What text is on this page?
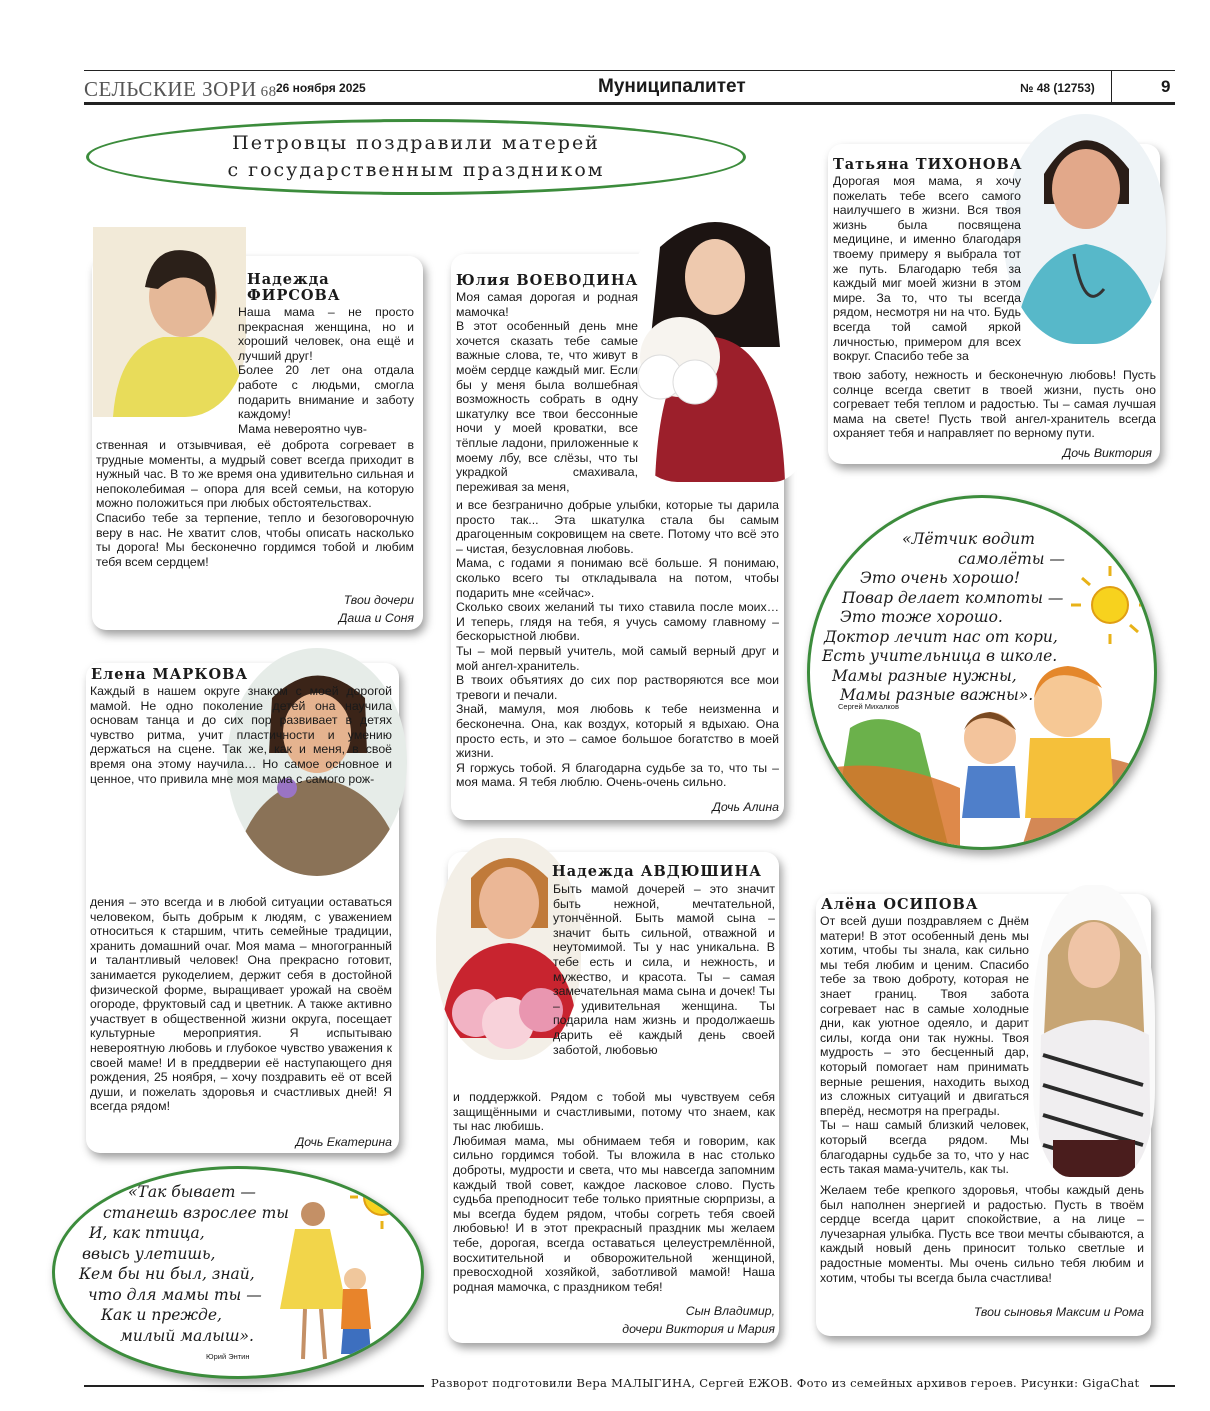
СЕЛЬСКИЕ ЗОРИ 68 26 ноября 2025	Муниципалитет	№ 48 (12753)	9
Петровцы поздравили матерей
с государственным праздником
Надежда
ФИРСОВА
Наша мама – не просто прекрасная женщина, но и хороший человек, она ещё и лучший друг!
Более 20 лет она отдала работе с людьми, смогла подарить внимание и заботу каждому!
Мама невероятно чув-
ственная и отзывчивая, её доброта согревает в трудные моменты, а мудрый совет всегда приходит в нужный час. В то же время она удивительно сильная и непоколебимая – опора для всей семьи, на которую можно положиться при любых обстоятельствах.
Спасибо тебе за терпение, тепло и безоговорочную веру в нас. Не хватит слов, чтобы описать насколько ты дорога! Мы бесконечно гордимся тобой и любим тебя всем сердцем!
Твои дочери
Даша и Соня
Юлия ВОЕВОДИНА
Моя самая дорогая и родная мамочка!
В этот особенный день мне хочется сказать тебе самые важные слова, те, что живут в моём сердце каждый миг. Если бы у меня была волшебная возможность собрать в одну шкатулку все твои бессонные ночи у моей кроватки, все тёплые ладони, приложенные к моему лбу, все слёзы, что ты украдкой смахивала, переживая за меня,
и все безгранично добрые улыбки, которые ты дарила просто так... Эта шкатулка стала бы самым драгоценным сокровищем на свете. Потому что всё это – чистая, безусловная любовь.
Мама, с годами я понимаю всё больше. Я понимаю, сколько всего ты откладывала на потом, чтобы подарить мне «сейчас».
Сколько своих желаний ты тихо ставила после моих… И теперь, глядя на тебя, я учусь самому главному – бескорыстной любви.
Ты – мой первый учитель, мой самый верный друг и мой ангел-хранитель.
В твоих объятиях до сих пор растворяются все мои тревоги и печали.
Знай, мамуля, моя любовь к тебе неизменна и бесконечна. Она, как воздух, который я вдыхаю. Она просто есть, и это – самое большое богатство в моей жизни.
Я горжусь тобой. Я благодарна судьбе за то, что ты – моя мама. Я тебя люблю. Очень-очень сильно.
Дочь Алина
Татьяна ТИХОНОВА
Дорогая моя мама, я хочу пожелать тебе всего самого наилучшего в жизни. Вся твоя жизнь была посвящена медицине, и именно благодаря твоему примеру я выбрала тот же путь. Благодарю тебя за каждый миг моей жизни в этом мире. За то, что ты всегда рядом, несмотря ни на что. Будь всегда той самой яркой личностью, примером для всех вокруг. Спасибо тебе за
твою заботу, нежность и бесконечную любовь! Пусть солнце всегда светит в твоей жизни, пусть оно согревает тебя теплом и радостью. Ты – самая лучшая мама на свете! Пусть твой ангел-хранитель всегда охраняет тебя и направляет по верному пути.
Дочь Виктория
«Лётчик водит
самолёты —
Это очень хорошо!
Повар делает компоты —
Это тоже хорошо.
Доктор лечит нас от кори,
Есть учительница в школе.
Мамы разные нужны,
Мамы разные важны».
Сергей Михалков
Елена МАРКОВА
Каждый в нашем округе знаком с моей дорогой мамой. Не одно поколение детей она научила основам танца и до сих пор развивает в детях чувство ритма, учит пластичности и умению держаться на сцене. Так же, как и меня, в своё время она этому научила… Но самое основное и ценное, что привила мне моя мама с самого рож-
дения – это всегда и в любой ситуации оставаться человеком, быть добрым к людям, с уважением относиться к старшим, чтить семейные традиции, хранить домашний очаг. Моя мама – многогранный и талантливый человек! Она прекрасно готовит, занимается рукоделием, держит себя в достойной физической форме, выращивает урожай на своём огороде, фруктовый сад и цветник. А также активно участвует в общественной жизни округа, посещает культурные мероприятия. Я испытываю невероятную любовь и глубокое чувство уважения к своей маме! И в преддверии её наступающего дня рождения, 25 ноября, – хочу поздравить её от всей души, и пожелать здоровья и счастливых дней! Я всегда рядом!
Дочь Екатерина
«Так бывает —
станешь взрослее ты
И, как птица,
ввысь улетишь,
Кем бы ни был, знай,
что для мамы ты —
Как и прежде,
милый малыш».
Юрий Энтин
Надежда АВДЮШИНА
Быть мамой дочерей – это значит быть нежной, мечтательной, утончённой. Быть мамой сына – значит быть сильной, отважной и неутомимой. Ты у нас уникальна. В тебе есть и сила, и нежность, и мужество, и красота. Ты – самая замечательная мама сына и дочек! Ты – удивительная женщина. Ты подарила нам жизнь и продолжаешь дарить её каждый день своей заботой, любовью
и поддержкой. Рядом с тобой мы чувствуем себя защищёнными и счастливыми, потому что знаем, как ты нас любишь.
Любимая мама, мы обнимаем тебя и говорим, как сильно гордимся тобой. Ты вложила в нас столько доброты, мудрости и света, что мы навсегда запомним каждый твой совет, каждое ласковое слово. Пусть судьба преподносит тебе только приятные сюрпризы, а мы всегда будем рядом, чтобы согреть тебя своей любовью! И в этот прекрасный праздник мы желаем тебе, дорогая, всегда оставаться целеустремлённой, восхитительной и обворожительной женщиной, превосходной хозяйкой, заботливой мамой! Наша родная мамочка, с праздником тебя!
Сын Владимир,
дочери Виктория и Мария
Алёна ОСИПОВА
От всей души поздравляем с Днём матери! В этот особенный день мы хотим, чтобы ты знала, как сильно мы тебя любим и ценим. Спасибо тебе за твою доброту, которая не знает границ. Твоя забота согревает нас в самые холодные дни, как уютное одеяло, и дарит силы, когда они так нужны. Твоя мудрость – это бесценный дар, который помогает нам принимать верные решения, находить выход из сложных ситуаций и двигаться вперёд, несмотря на преграды.
Ты – наш самый близкий человек, который всегда рядом. Мы благодарны судьбе за то, что у нас есть такая мама-учитель, как ты.
Желаем тебе крепкого здоровья, чтобы каждый день был наполнен энергией и радостью. Пусть в твоём сердце всегда царит спокойствие, а на лице – лучезарная улыбка. Пусть все твои мечты сбываются, а каждый новый день приносит только светлые и радостные моменты. Мы очень сильно тебя любим и хотим, чтобы ты всегда была счастлива!
Твои сыновья Максим и Рома
Разворот подготовили Вера МАЛЫГИНА, Сергей ЕЖОВ. Фото из семейных архивов героев. Рисунки: GigaChat
